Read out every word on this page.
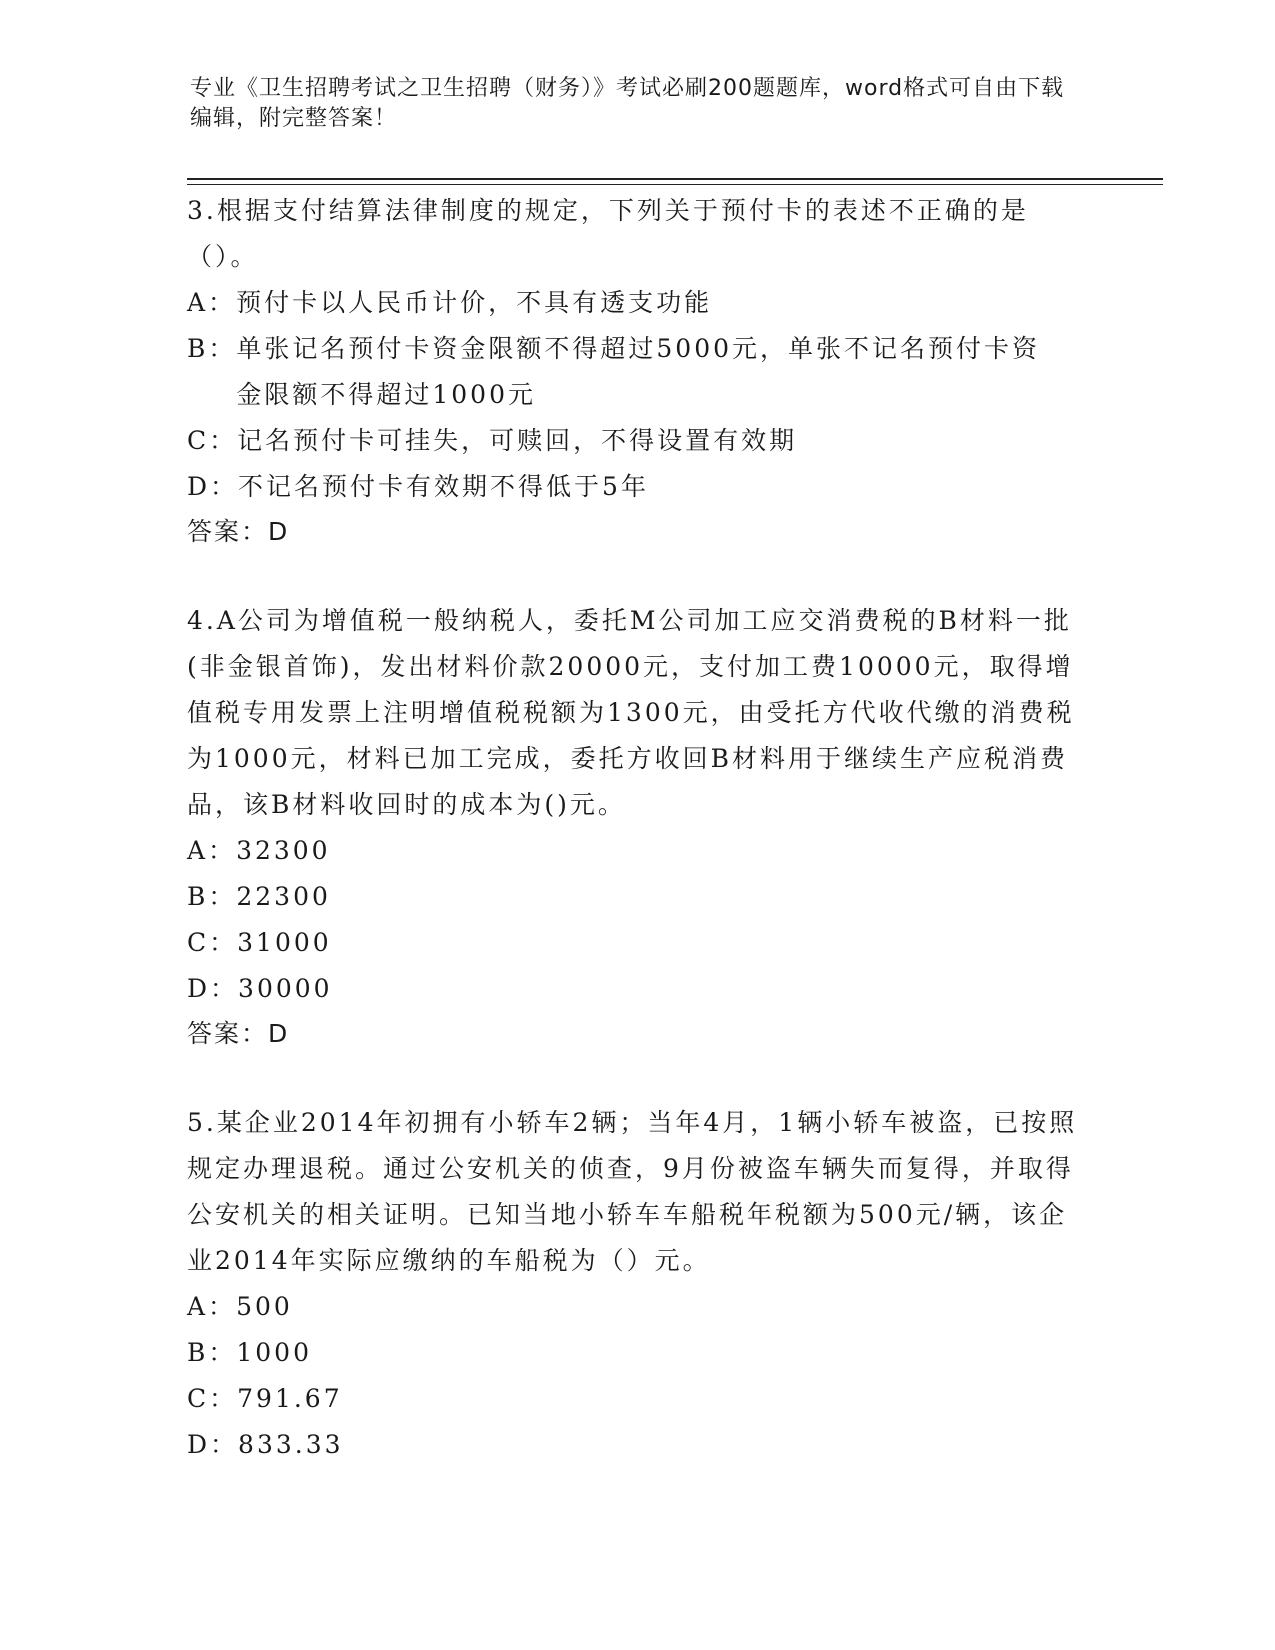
专业《卫生招聘考试之卫生招聘（财务）》考试必刷200题题库，word格式可自由下载编辑，附完整答案！
3.根据支付结算法律制度的规定，下列关于预付卡的表述不正确的是（）。
A： 预付卡以人民币计价，不具有透支功能
B： 单张记名预付卡资金限额不得超过5000元，单张不记名预付卡资金限额不得超过1000元
C： 记名预付卡可挂失，可赎回，不得设置有效期
D： 不记名预付卡有效期不得低于5年
答案：D
4.A公司为增值税一般纳税人，委托M公司加工应交消费税的B材料一批(非金银首饰)，发出材料价款20000元，支付加工费10000元，取得增值税专用发票上注明增值税税额为1300元，由受托方代收代缴的消费税为1000元，材料已加工完成，委托方收回B材料用于继续生产应税消费品，该B材料收回时的成本为()元。
A： 32300
B： 22300
C： 31000
D： 30000
答案：D
5.某企业2014年初拥有小轿车2辆；当年4月，1辆小轿车被盗，已按照规定办理退税。通过公安机关的侦查，9月份被盗车辆失而复得，并取得公安机关的相关证明。已知当地小轿车车船税年税额为500元/辆，该企业2014年实际应缴纳的车船税为（）元。
A： 500
B： 1000
C： 791.67
D： 833.33
